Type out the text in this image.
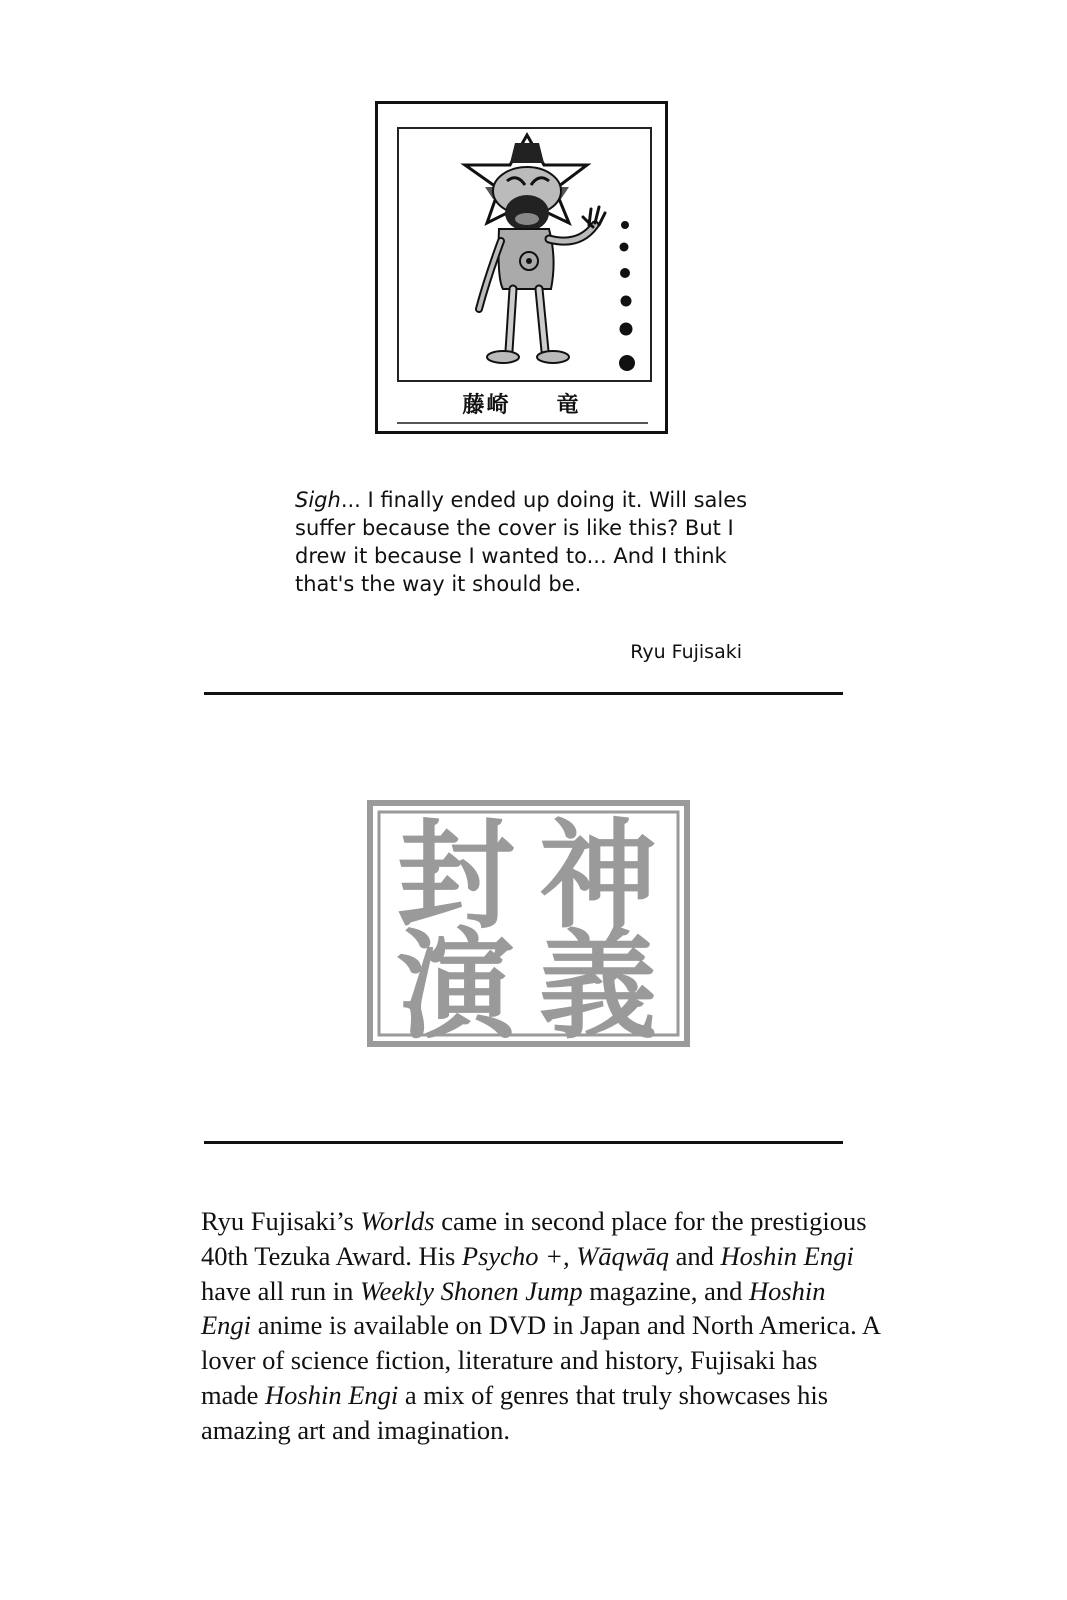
藤崎 竜
Sigh... I finally ended up doing it. Will sales suffer because the cover is like this? But I drew it because I wanted to... And I think that's the way it should be.
Ryu Fujisaki
封 神
演 義
Ryu Fujisaki’s Worlds came in second place for the prestigious 40th Tezuka Award. His Psycho +, Wāqwāq and Hoshin Engi have all run in Weekly Shonen Jump magazine, and Hoshin Engi anime is available on DVD in Japan and North America. A lover of science fiction, literature and history, Fujisaki has made Hoshin Engi a mix of genres that truly showcases his amazing art and imagination.
